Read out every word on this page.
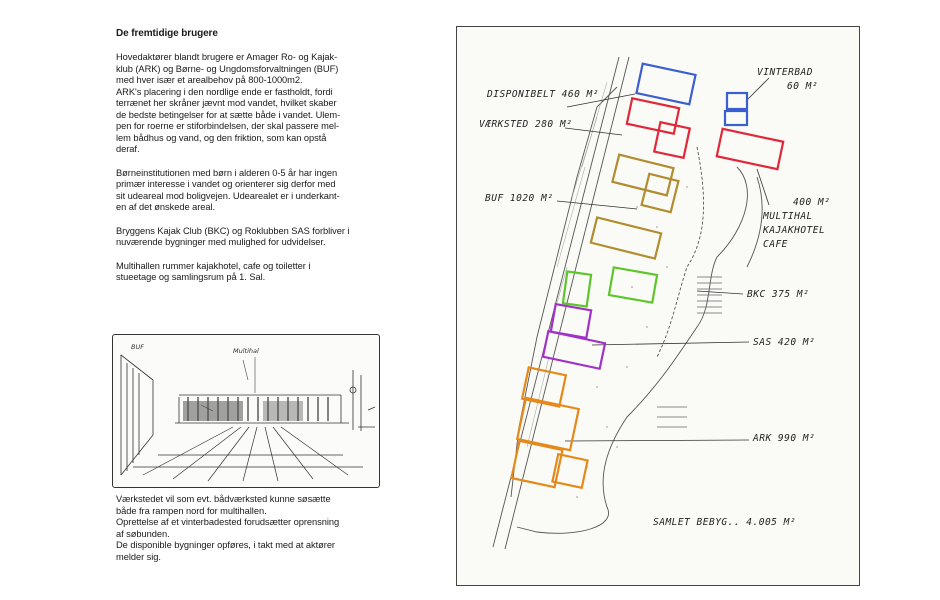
De fremtidige brugere
Hovedaktører blandt brugere er Amager Ro- og Kajak-
klub (ARK) og Børne- og Ungdomsforvaltningen (BUF)
med hver især et arealbehov på 800-1000m2.
ARK's placering i den nordlige ende er fastholdt, fordi
terrænet her skråner jævnt mod vandet, hvilket skaber
de bedste betingelser for at sætte både i vandet. Ulem-
pen for roerne er stiforbindelsen, der skal passere mel-
lem bådhus og vand, og den friktion, som kan opstå
deraf.
Børneinstitutionen med børn i alderen 0-5 år har ingen
primær interesse i vandet og orienterer sig derfor med
sit udeareal mod boligvejen. Udearealet er i underkant-
en af det ønskede areal.
Bryggens Kajak Club (BKC) og Roklubben SAS forbliver i
nuværende bygninger med mulighed for udvidelser.
Multihallen rummer kajakhotel, cafe og toiletter i
stueetage og samlingsrum på 1. Sal.
BUF	Multihal
Værkstedet vil som evt. bådværksted kunne søsætte
både fra rampen nord for multihallen.
Oprettelse af et vinterbadested forudsætter oprensning
af søbunden.
De disponible bygninger opføres, i takt med at aktører
melder sig.
DISPONIBELT 460 M²
VÆRKSTED 280 M²
BUF 1020 M²
VINTERBAD
60 M²
400 M²
MULTIHAL
KAJAKHOTEL
CAFE
BKC 375 M²
SAS 420 M²
ARK 990 M²
SAMLET BEBYG.. 4.005 M²
